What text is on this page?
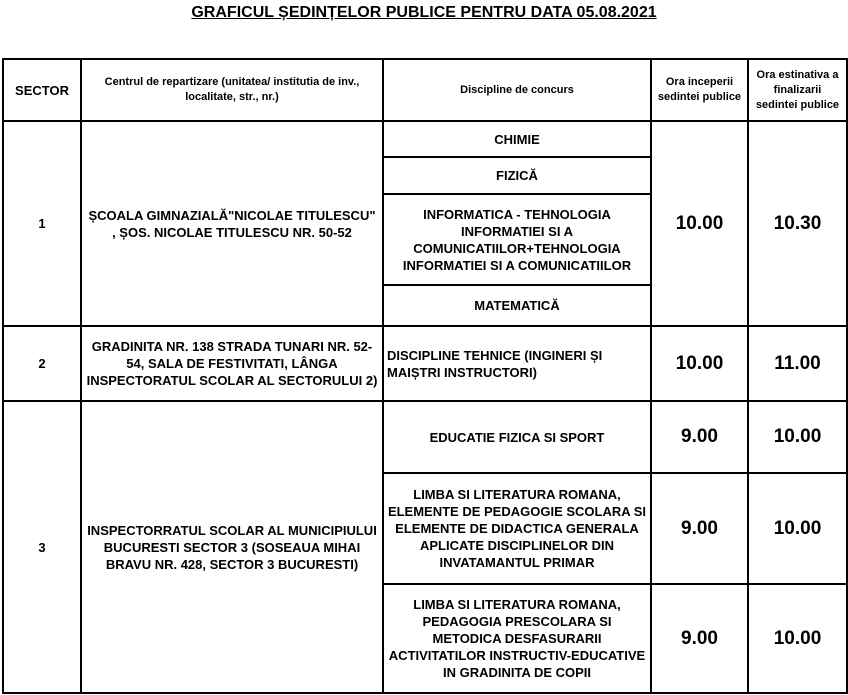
GRAFICUL ȘEDINȚELOR PUBLICE PENTRU DATA 05.08.2021
SECTOR	Centrul de repartizare (unitatea/ institutia de inv., localitate, str., nr.)	Discipline de concurs	Ora inceperii sedintei publice	Ora estinativa a finalizarii sedintei publice
1	ȘCOALA GIMNAZIALĂ"NICOLAE TITULESCU" , ȘOS. NICOLAE TITULESCU NR. 50-52	CHIMIE	10.00	10.30
		FIZICĂ		
		INFORMATICA - TEHNOLOGIA INFORMATIEI SI A COMUNICATIILOR+TEHNOLOGIA INFORMATIEI SI A COMUNICATIILOR		
		MATEMATICĂ		
2	GRADINITA NR. 138 STRADA TUNARI NR. 52-54, SALA DE FESTIVITATI, LÂNGA INSPECTORATUL SCOLAR AL SECTORULUI 2)	DISCIPLINE TEHNICE (INGINERI ȘI MAIȘTRI INSTRUCTORI)	10.00	11.00
3	INSPECTORRATUL SCOLAR AL MUNICIPIULUI BUCURESTI SECTOR 3 (SOSEAUA MIHAI BRAVU NR. 428, SECTOR 3 BUCURESTI)	EDUCATIE FIZICA SI SPORT	9.00	10.00
		LIMBA SI LITERATURA ROMANA, ELEMENTE DE PEDAGOGIE SCOLARA SI ELEMENTE DE DIDACTICA GENERALA APLICATE DISCIPLINELOR DIN INVATAMANTUL PRIMAR	9.00	10.00
		LIMBA SI LITERATURA ROMANA, PEDAGOGIA PRESCOLARA SI METODICA DESFASURARII ACTIVITATILOR INSTRUCTIV-EDUCATIVE IN GRADINITA DE COPII	9.00	10.00
